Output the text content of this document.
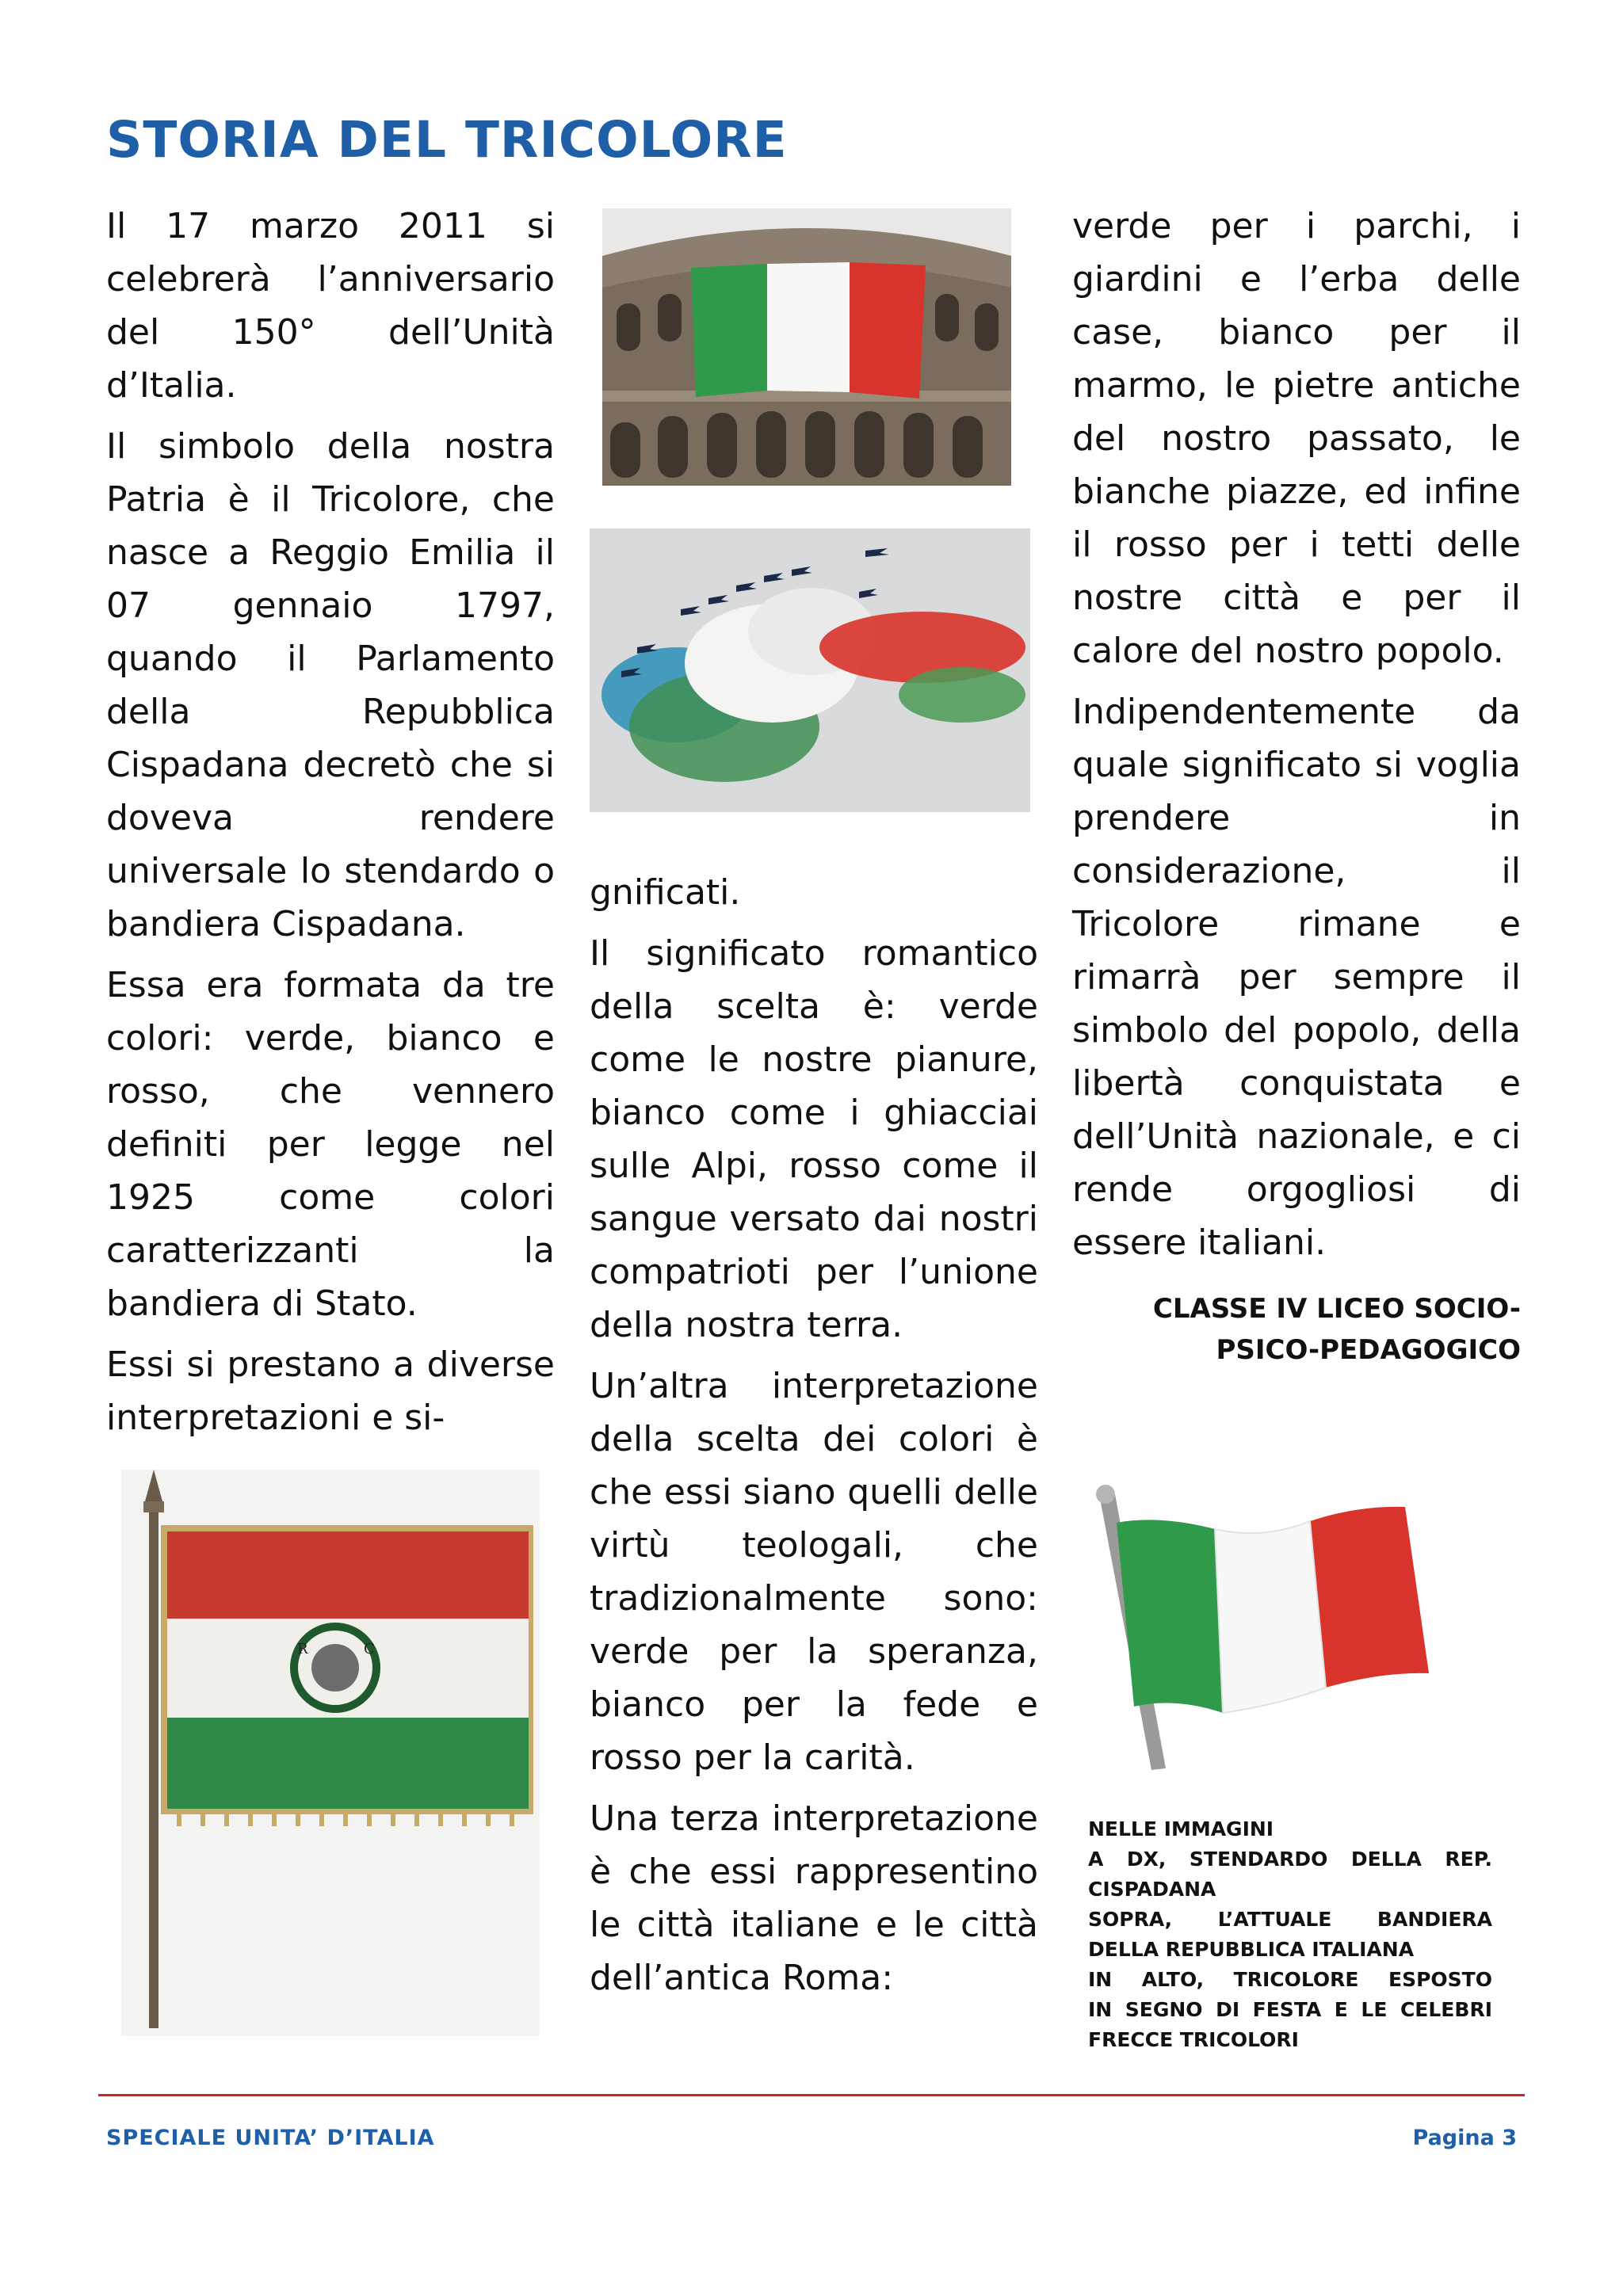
STORIA DEL TRICOLORE

Il 17 marzo 2011 si celebrerà l’anniversario del 150° dell’Unità d’Italia.

Il simbolo della nostra Patria è il Tricolore, che nasce a Reggio Emilia il 07 gennaio 1797, quando il Parlamento della Repubblica Cispadana decretò che si doveva rendere universale lo stendardo o bandiera Cispadana.

Essa era formata da tre colori: verde, bianco e rosso, che vennero definiti per legge nel 1925 come colori caratterizzanti la bandiera di Stato.

Essi si prestano a diverse interpretazioni e si-

gnificati.

Il significato romantico della scelta è: verde come le nostre pianure, bianco come i ghiacciai sulle Alpi, rosso come il sangue versato dai nostri compatrioti per l’unione della nostra terra.

Un’altra interpretazione della scelta dei colori è che essi siano quelli delle virtù teologali, che tradizionalmente sono: verde per la speranza, bianco per la fede e rosso per la carità.

Una terza interpretazione è che essi rappresentino le città italiane e le città dell’antica Roma:

verde per i parchi, i giardini e l’erba delle case, bianco per il marmo, le pietre antiche del nostro passato, le bianche piazze, ed infine il rosso per i tetti delle nostre città e per il calore del nostro popolo.

Indipendentemente da quale significato si voglia prendere in considerazione, il Tricolore rimane e rimarrà per sempre il simbolo del popolo, della libertà conquistata e dell’Unità nazionale, e ci rende orgogliosi di essere italiani.

CLASSE IV LICEO SOCIO-
PSICO-PEDAGOGICO
R	C
NELLE IMMAGINI
A DX, STENDARDO DELLA REP.
CISPADANA
SOPRA, L’ATTUALE BANDIERA
DELLA REPUBBLICA ITALIANA
IN ALTO, TRICOLORE ESPOSTO
IN SEGNO DI FESTA E LE CELEBRI
FRECCE TRICOLORI
SPECIALE UNITA’ D’ITALIA	Pagina 3
